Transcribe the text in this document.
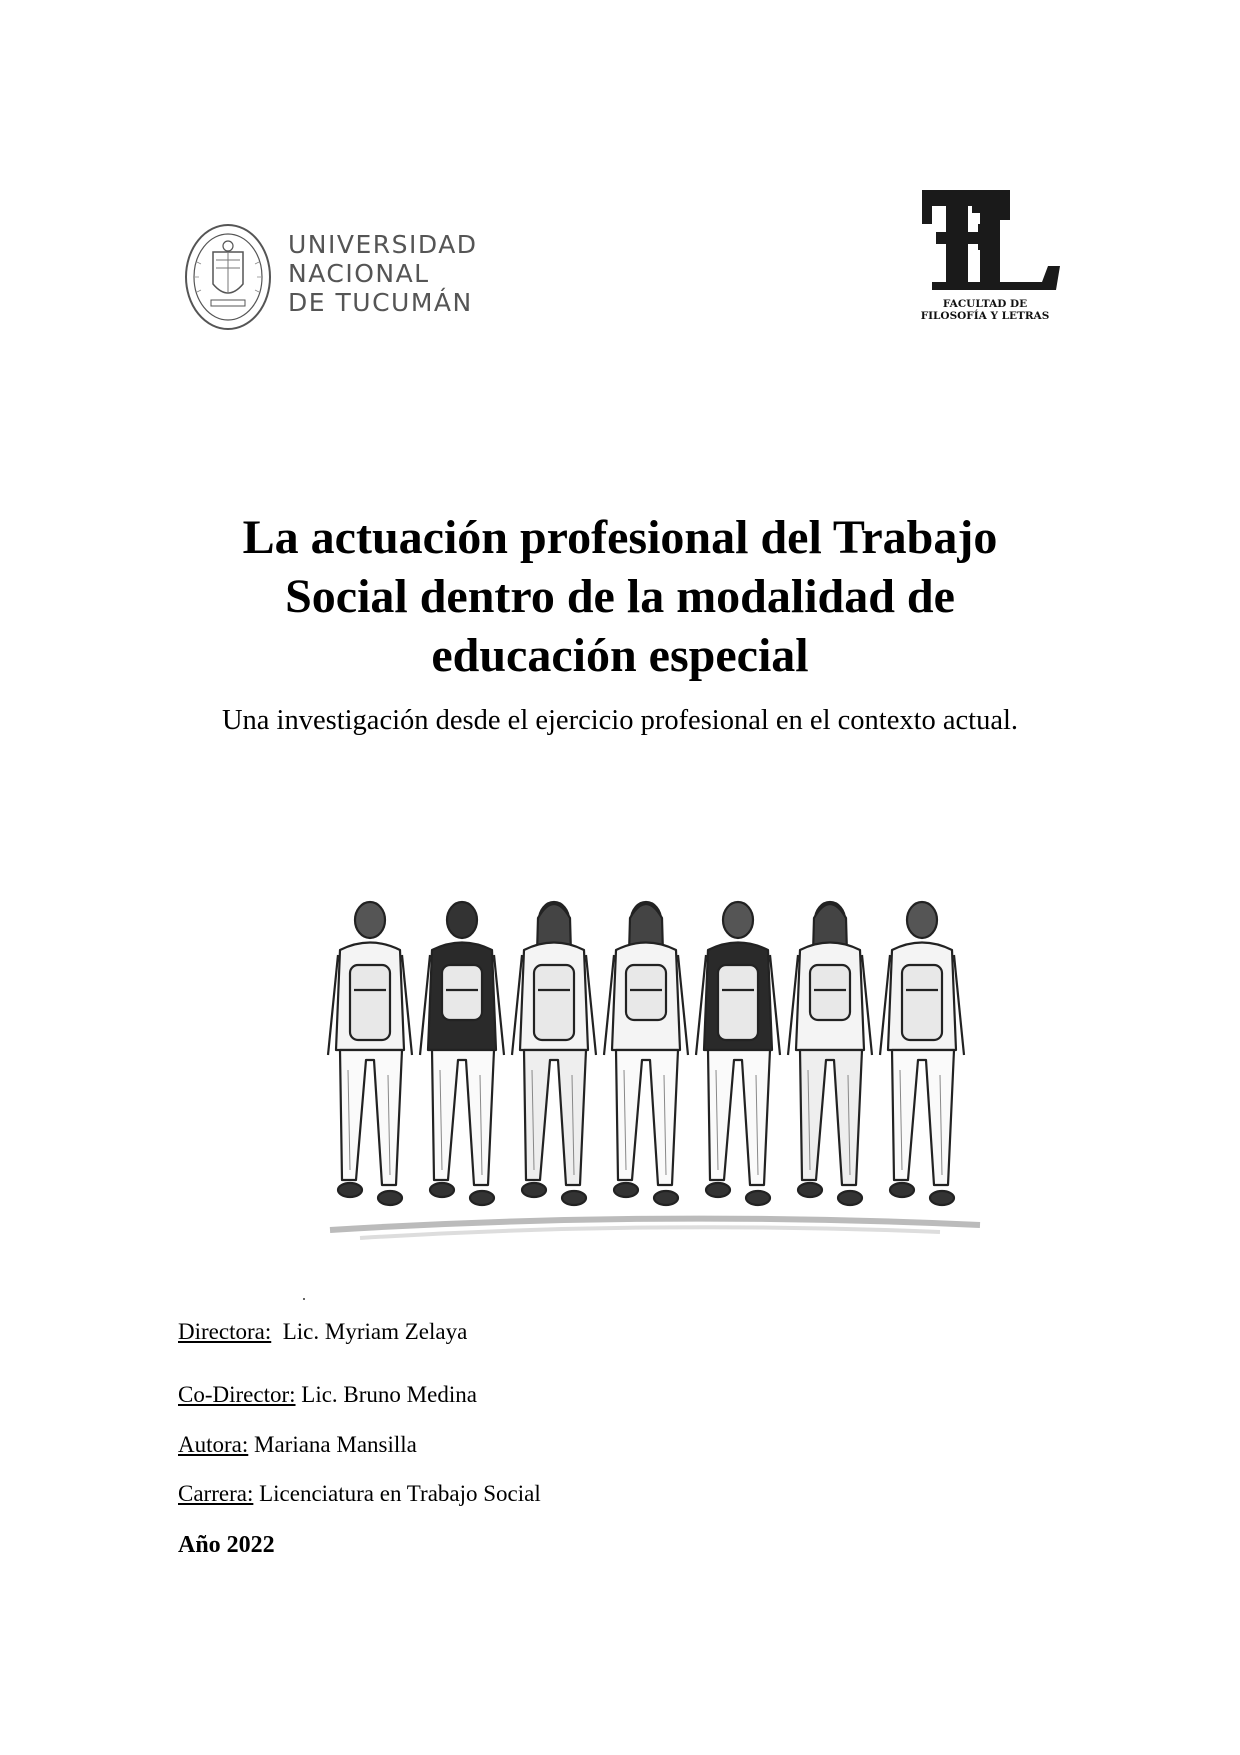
UNIVERSIDAD
NACIONAL
DE TUCUMÁN	FACULTAD DE
FILOSOFÍA Y LETRAS
La actuación profesional del Trabajo
Social dentro de la modalidad de
educación especial
Una investigación desde el ejercicio profesional en el contexto actual.
Directora: Lic. Myriam Zelaya
Co-Director: Lic. Bruno Medina
Autora: Mariana Mansilla
Carrera: Licenciatura en Trabajo Social
Año 2022
